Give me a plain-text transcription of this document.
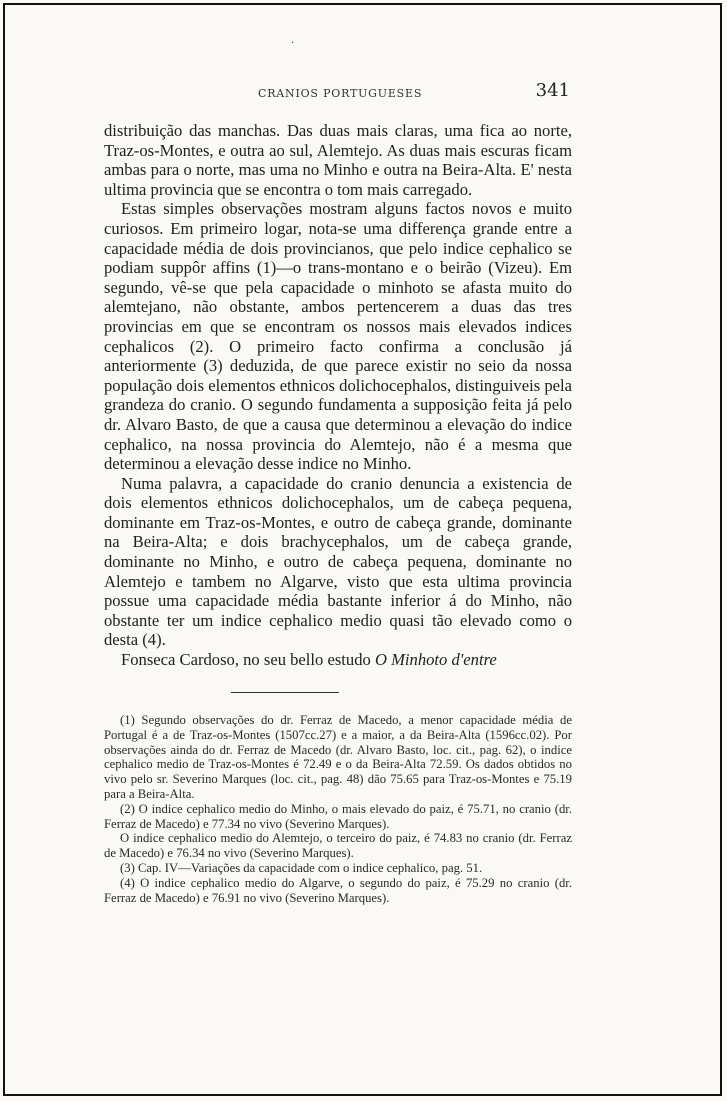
·
CRANIOS PORTUGUESES	341

distribuição das manchas. Das duas mais claras, uma fica ao norte, Traz-os-Montes, e outra ao sul, Alemtejo. As duas mais escuras ficam ambas para o norte, mas uma no Minho e outra na Beira-Alta. E' nesta ultima provincia que se encontra o tom mais carregado.

Estas simples observações mostram alguns factos novos e muito curiosos. Em primeiro logar, nota-se uma differença grande entre a capacidade média de dois provincianos, que pelo indice cephalico se podiam suppôr affins (1)—o trans-montano e o beirão (Vizeu). Em segundo, vê-se que pela capacidade o minhoto se afasta muito do alemtejano, não obstante, ambos pertencerem a duas das tres provincias em que se encontram os nossos mais elevados indices cephalicos (2). O primeiro facto confirma a conclusão já anteriormente (3) deduzida, de que parece existir no seio da nossa população dois elementos ethnicos dolichocephalos, distinguiveis pela grandeza do cranio. O segundo fundamenta a supposição feita já pelo dr. Alvaro Basto, de que a causa que determinou a elevação do indice cephalico, na nossa provincia do Alemtejo, não é a mesma que determinou a elevação desse indice no Minho.

Numa palavra, a capacidade do cranio denuncia a existencia de dois elementos ethnicos dolichocephalos, um de cabeça pequena, dominante em Traz-os-Montes, e outro de cabeça grande, dominante na Beira-Alta; e dois brachycephalos, um de cabeça grande, dominante no Minho, e outro de cabeça pequena, dominante no Alemtejo e tambem no Algarve, visto que esta ultima provincia possue uma capacidade média bastante inferior á do Minho, não obstante ter um indice cephalico medio quasi tão elevado como o desta (4).

Fonseca Cardoso, no seu bello estudo O Minhoto d'entre

(1) Segundo observações do dr. Ferraz de Macedo, a menor capacidade média de Portugal é a de Traz-os-Montes (1507cc.27) e a maior, a da Beira-Alta (1596cc.02). Por observações ainda do dr. Ferraz de Macedo (dr. Alvaro Basto, loc. cit., pag. 62), o indice cephalico medio de Traz-os-Montes é 72.49 e o da Beira-Alta 72.59. Os dados obtidos no vivo pelo sr. Severino Marques (loc. cit., pag. 48) dão 75.65 para Traz-os-Montes e 75.19 para a Beira-Alta.

(2) O indice cephalico medio do Minho, o mais elevado do paiz, é 75.71, no cranio (dr. Ferraz de Macedo) e 77.34 no vivo (Severino Marques).

O indice cephalico medio do Alemtejo, o terceiro do paiz, é 74.83 no cranio (dr. Ferraz de Macedo) e 76.34 no vivo (Severino Marques).

(3) Cap. IV—Variações da capacidade com o indice cephalico, pag. 51.

(4) O indice cephalico medio do Algarve, o segundo do paiz, é 75.29 no cranio (dr. Ferraz de Macedo) e 76.91 no vivo (Severino Marques).
